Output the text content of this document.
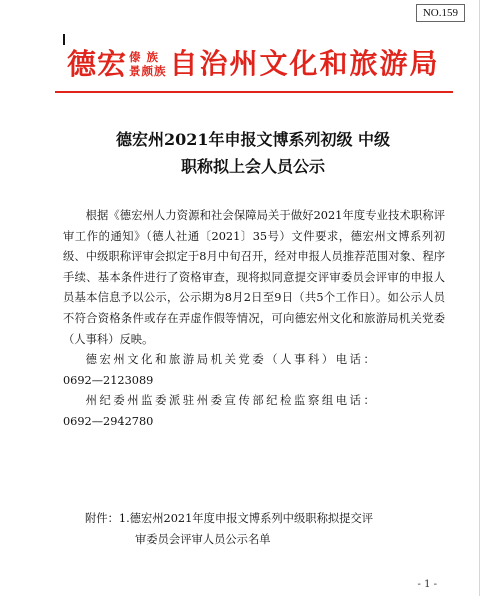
NO.159
德宏 傣 族
景颇族 自治州文化和旅游局
德宏州2021年申报文博系列初级 中级
职称拟上会人员公示

根据《德宏州人力资源和社会保障局关于做好2021年度专业技术职称评审工作的通知》（德人社通〔2021〕35号）文件要求，德宏州文博系列初级、中级职称评审会拟定于8月中旬召开，经对申报人员推荐范围对象、程序手续、基本条件进行了资格审查，现将拟同意提交评审委员会评审的申报人员基本信息予以公示，公示期为8月2日至9日（共5个工作日）。如公示人员不符合资格条件或存在弄虚作假等情况，可向德宏州文化和旅游局机关党委（人事科）反映。

德宏州文化和旅游局机关党委（人事科）电话：

0692—2123089

州纪委州监委派驻州委宣传部纪检监察组电话：

0692—2942780

附件：1.德宏州2021年度申报文博系列中级职称拟提交评
审委员会评审人员公示名单
- 1 -
